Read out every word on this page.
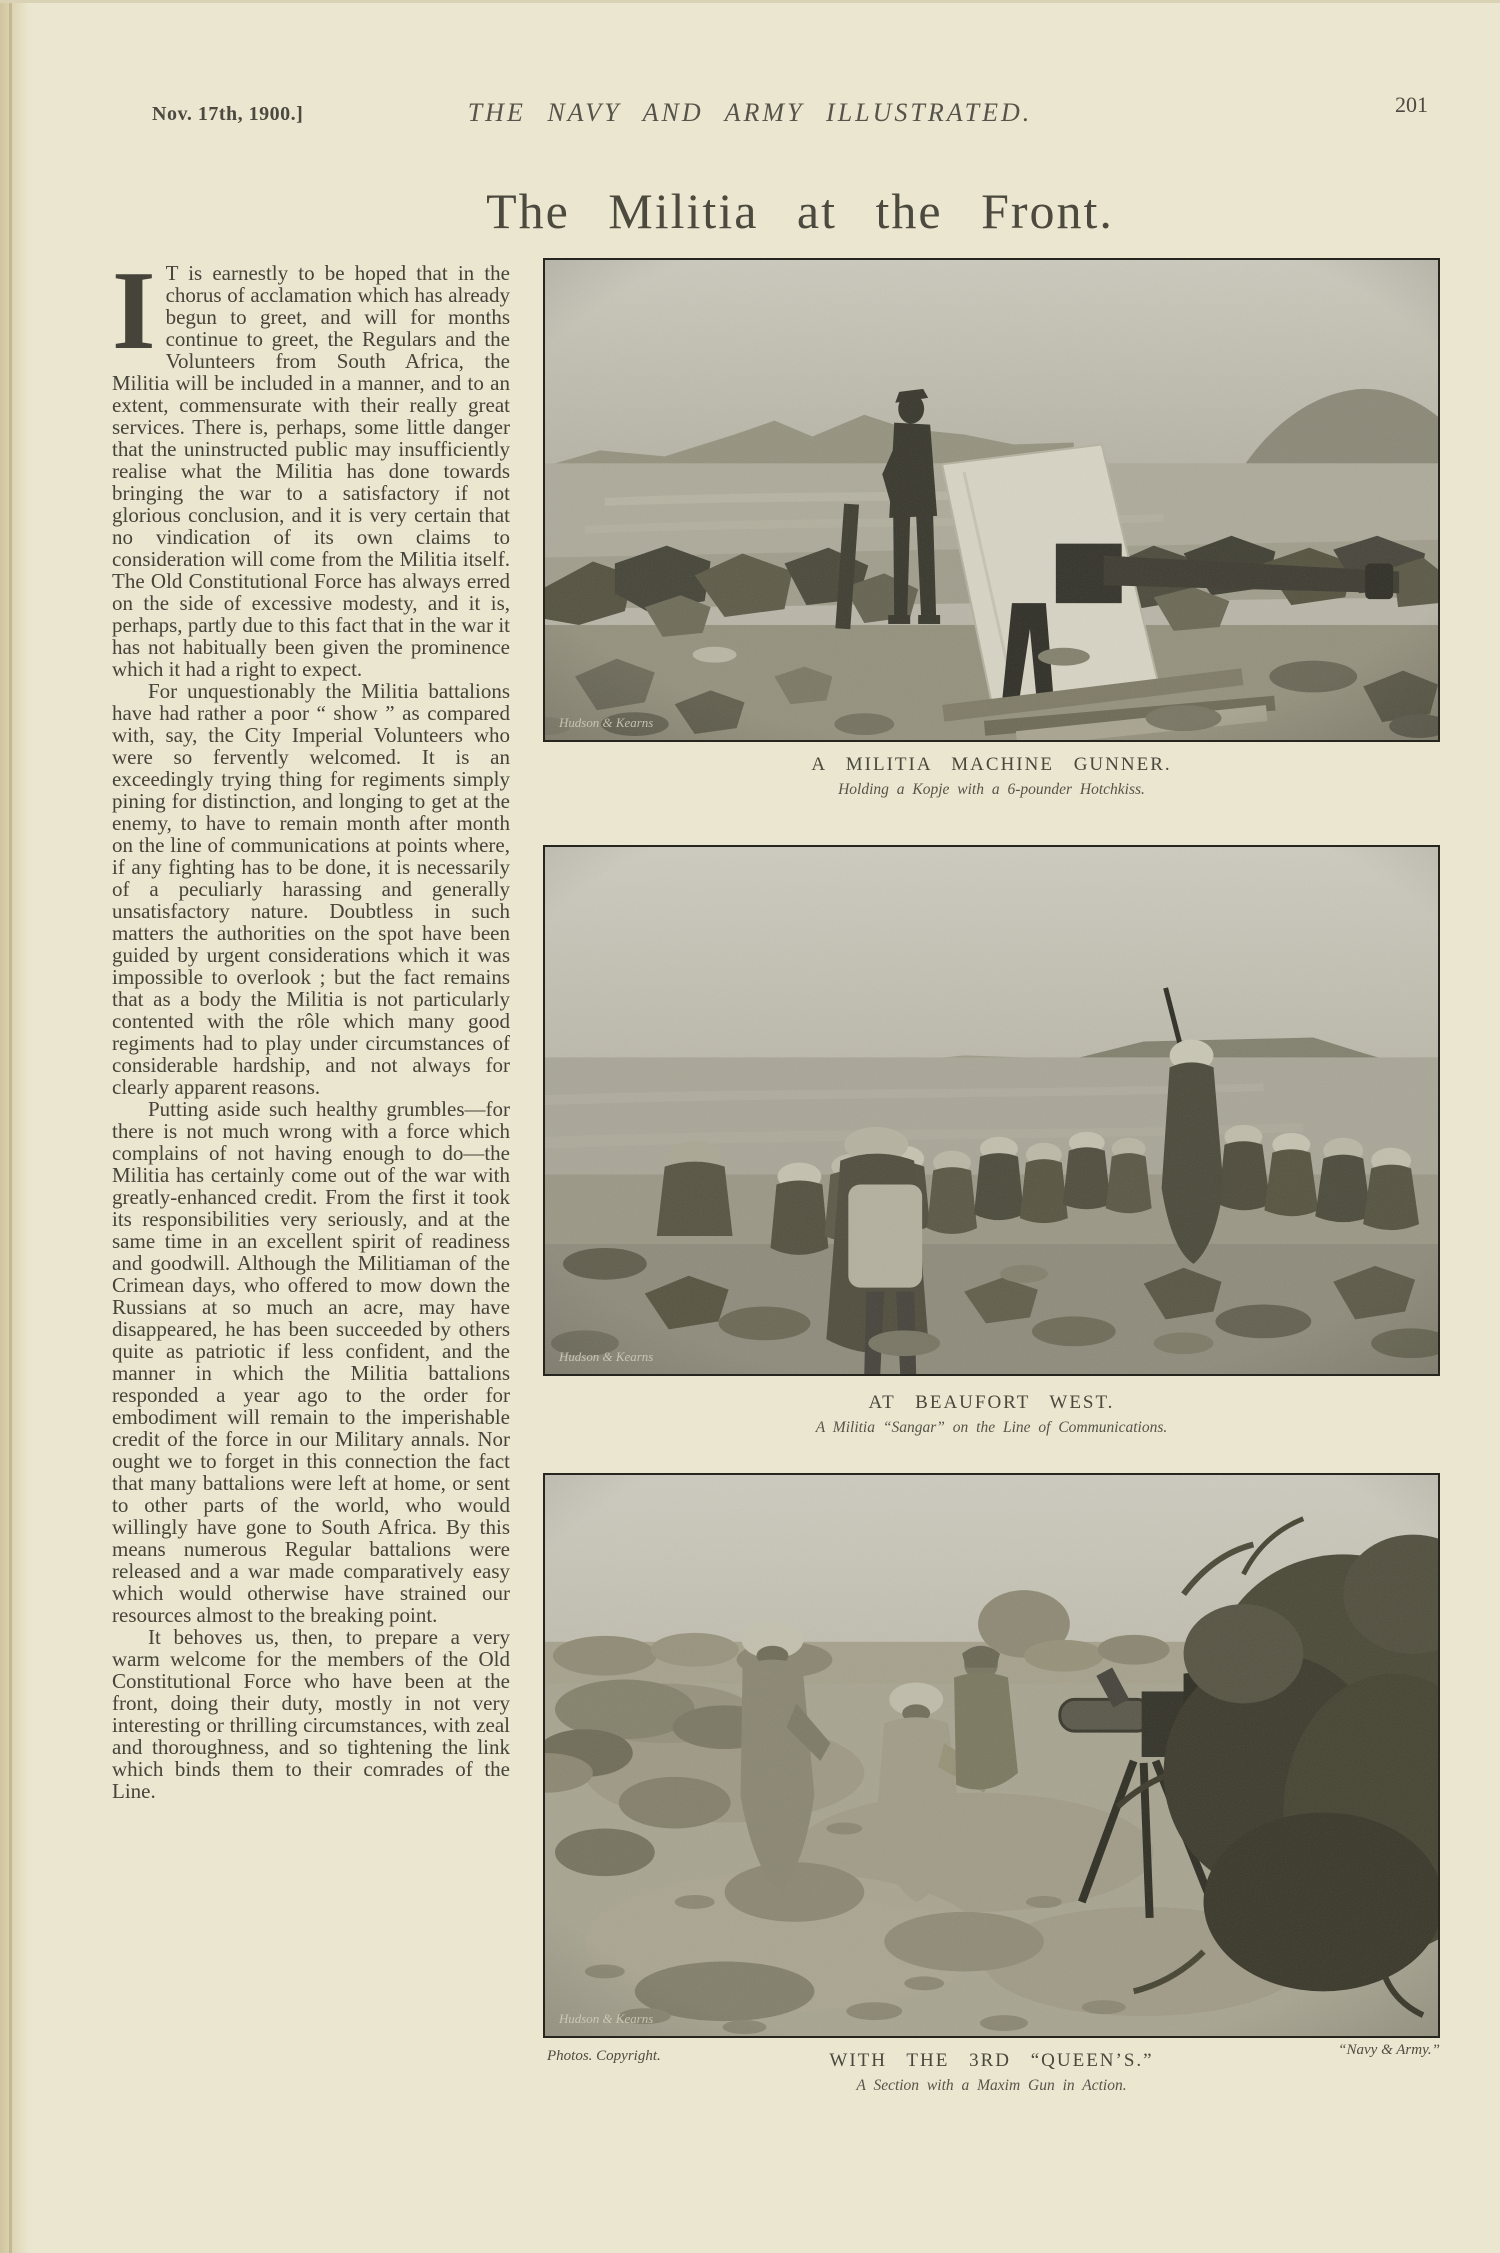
Nov. 17th, 1900.]	THE NAVY AND ARMY ILLUSTRATED.	201
The Militia at the Front.

I T is earnestly to be hoped that in the chorus of acclamation which has already begun to greet, and will for months continue to greet, the Regulars and the Volunteers from South Africa, the Militia will be included in a manner, and to an extent, commensurate with their really great services. There is, perhaps, some little danger that the uninstructed public may insufficiently realise what the Militia has done towards bringing the war to a satisfactory if not glorious conclusion, and it is very certain that no vindication of its own claims to consideration will come from the Militia itself. The Old Constitutional Force has always erred on the side of excessive modesty, and it is, perhaps, partly due to this fact that in the war it has not habitually been given the prominence which it had a right to expect.

For unquestionably the Militia battalions have had rather a poor “ show ” as compared with, say, the City Imperial Volunteers who were so fervently welcomed. It is an exceedingly trying thing for regiments simply pining for distinction, and longing to get at the enemy, to have to remain month after month on the line of communications at points where, if any fighting has to be done, it is necessarily of a peculiarly harassing and generally unsatisfactory nature. Doubtless in such matters the authorities on the spot have been guided by urgent considerations which it was impossible to overlook ; but the fact remains that as a body the Militia is not particularly contented with the rôle which many good regiments had to play under circumstances of considerable hardship, and not always for clearly apparent reasons.

Putting aside such healthy grumbles—for there is not much wrong with a force which complains of not having enough to do—the Militia has certainly come out of the war with greatly-enhanced credit. From the first it took its responsibilities very seriously, and at the same time in an excellent spirit of readiness and goodwill. Although the Militiaman of the Crimean days, who offered to mow down the Russians at so much an acre, may have disappeared, he has been succeeded by others quite as patriotic if less confident, and the manner in which the Militia battalions responded a year ago to the order for embodiment will remain to the imperishable credit of the force in our Military annals. Nor ought we to forget in this connection the fact that many battalions were left at home, or sent to other parts of the world, who would willingly have gone to South Africa. By this means numerous Regular battalions were released and a war made comparatively easy which would otherwise have strained our resources almost to the breaking point.

It behoves us, then, to prepare a very warm welcome for the members of the Old Constitutional Force who have been at the front, doing their duty, mostly in not very interesting or thrilling circumstances, with zeal and thoroughness, and so tightening the link which binds them to their comrades of the Line.

Hudson & Kearns
A MILITIA MACHINE GUNNER.
Holding a Kopje with a 6-pounder Hotchkiss.
Hudson & Kearns
AT BEAUFORT WEST.
A Militia “Sangar” on the Line of Communications.
Hudson & Kearns
Photos. Copyright.	“Navy & Army.”
WITH THE 3RD “QUEEN’S.”
A Section with a Maxim Gun in Action.
